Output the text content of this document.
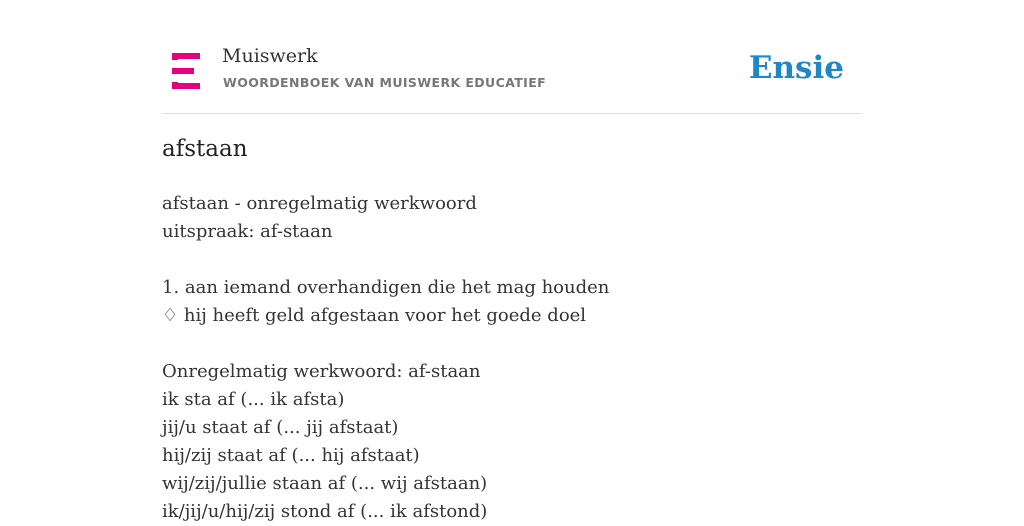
Muiswerk
WOORDENBOEK VAN MUISWERK EDUCATIEF	Ensie
afstaan
afstaan - onregelmatig werkwoord
uitspraak: af-staan
1. aan iemand overhandigen die het mag houden
♢ hij heeft geld afgestaan voor het goede doel
Onregelmatig werkwoord: af-staan
ik sta af (... ik afsta)
jij/u staat af (... jij afstaat)
hij/zij staat af (... hij afstaat)
wij/zij/jullie staan af (... wij afstaan)
ik/jij/u/hij/zij stond af (... ik afstond)
